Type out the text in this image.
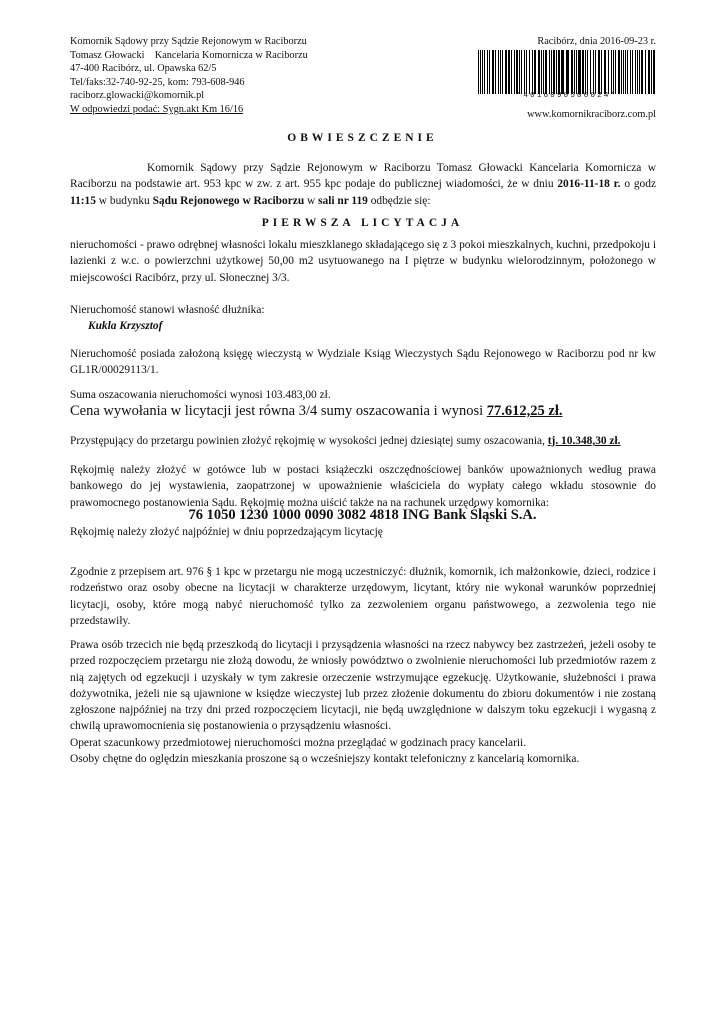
Komornik Sądowy przy Sądzie Rejonowym w Raciborzu
Tomasz Głowacki    Kancelaria Komornicza w Raciborzu
47-400 Racibórz, ul. Opawska 62/5
Tel/faks:32-740-92-25, kom: 793-608-946
raciborz.glowacki@komornik.pl
W odpowiedzi podać: Sygn.akt Km 16/16
Racibórz, dnia 2016-09-23 r.
*4016090500024*
www.komornikraciborz.com.pl
OBWIESZCZENIE
Komornik Sądowy przy Sądzie Rejonowym w Raciborzu Tomasz Głowacki Kancelaria Komornicza w Raciborzu na podstawie art. 953 kpc w zw. z art. 955 kpc podaje do publicznej wiadomości, że w dniu 2016-11-18 r. o godz 11:15 w budynku Sądu Rejonowego w Raciborzu w sali nr 119 odbędzie się:
PIERWSZA LICYTACJA
nieruchomości - prawo odrębnej własności lokalu mieszklanego składającego się z 3 pokoi mieszkalnych, kuchni, przedpokoju i łazienki z w.c. o powierzchni użytkowej 50,00 m2 usytuowanego na I piętrze w budynku wielorodzinnym, położonego w miejscowości Racibórz, przy ul. Słonecznej 3/3.
Nieruchomość stanowi własność dłużnika:
Kukla Krzysztof
Nieruchomość posiada założoną księgę wieczystą w Wydziale Ksiąg Wieczystych Sądu Rejonowego w Raciborzu pod nr kw GL1R/00029113/1.
Suma oszacowania nieruchomości wynosi 103.483,00 zł.
Cena wywołania w licytacji jest równa 3/4 sumy oszacowania i wynosi 77.612,25 zł.
Przystępujący do przetargu powinien złożyć rękojmię w wysokości jednej dziesiątej sumy oszacowania, tj. 10.348,30 zł.
Rękojmię należy złożyć w gotówce lub w postaci książeczki oszczędnościowej banków upoważnionych według prawa bankowego do jej wystawienia, zaopatrzonej w upoważnienie właściciela do wypłaty całego wkładu stosownie do prawomocnego postanowienia Sądu. Rękojmię można uiścić także na na rachunek urzędowy komornika:
76 1050 1230 1000 0090 3082 4818 ING Bank Śląski S.A.
Rękojmię należy złożyć najpóźniej w dniu poprzedzającym licytację
Zgodnie z przepisem art. 976 § 1 kpc w przetargu nie mogą uczestniczyć: dłużnik, komornik, ich małżonkowie, dzieci, rodzice i rodzeństwo oraz osoby obecne na licytacji w charakterze urzędowym, licytant, który nie wykonał warunków poprzedniej licytacji, osoby, które mogą nabyć nieruchomość tylko za zezwoleniem organu państwowego, a zezwolenia tego nie przedstawiły.
Prawa osób trzecich nie będą przeszkodą do licytacji i przysądzenia własności na rzecz nabywcy bez zastrzeżeń, jeżeli osoby te przed rozpoczęciem przetargu nie złożą dowodu, że wniosły powództwo o zwolnienie nieruchomości lub przedmiotów razem z nią zajętych od egzekucji i uzyskały w tym zakresie orzeczenie wstrzymujące egzekucję. Użytkowanie, służebności i prawa dożywotnika, jeżeli nie są ujawnione w księdze wieczystej lub przez złożenie dokumentu do zbioru dokumentów i nie zostaną zgłoszone najpóźniej na trzy dni przed rozpoczęciem licytacji, nie będą uwzględnione w dalszym toku egzekucji i wygasną z chwilą uprawomocnienia się postanowienia o przysądzeniu własności.
Operat szacunkowy przedmiotowej nieruchomości można przeglądać w godzinach pracy kancelarii.
Osoby chętne do oględzin mieszkania proszone są o wcześniejszy kontakt telefoniczny z kancelarią komornika.
